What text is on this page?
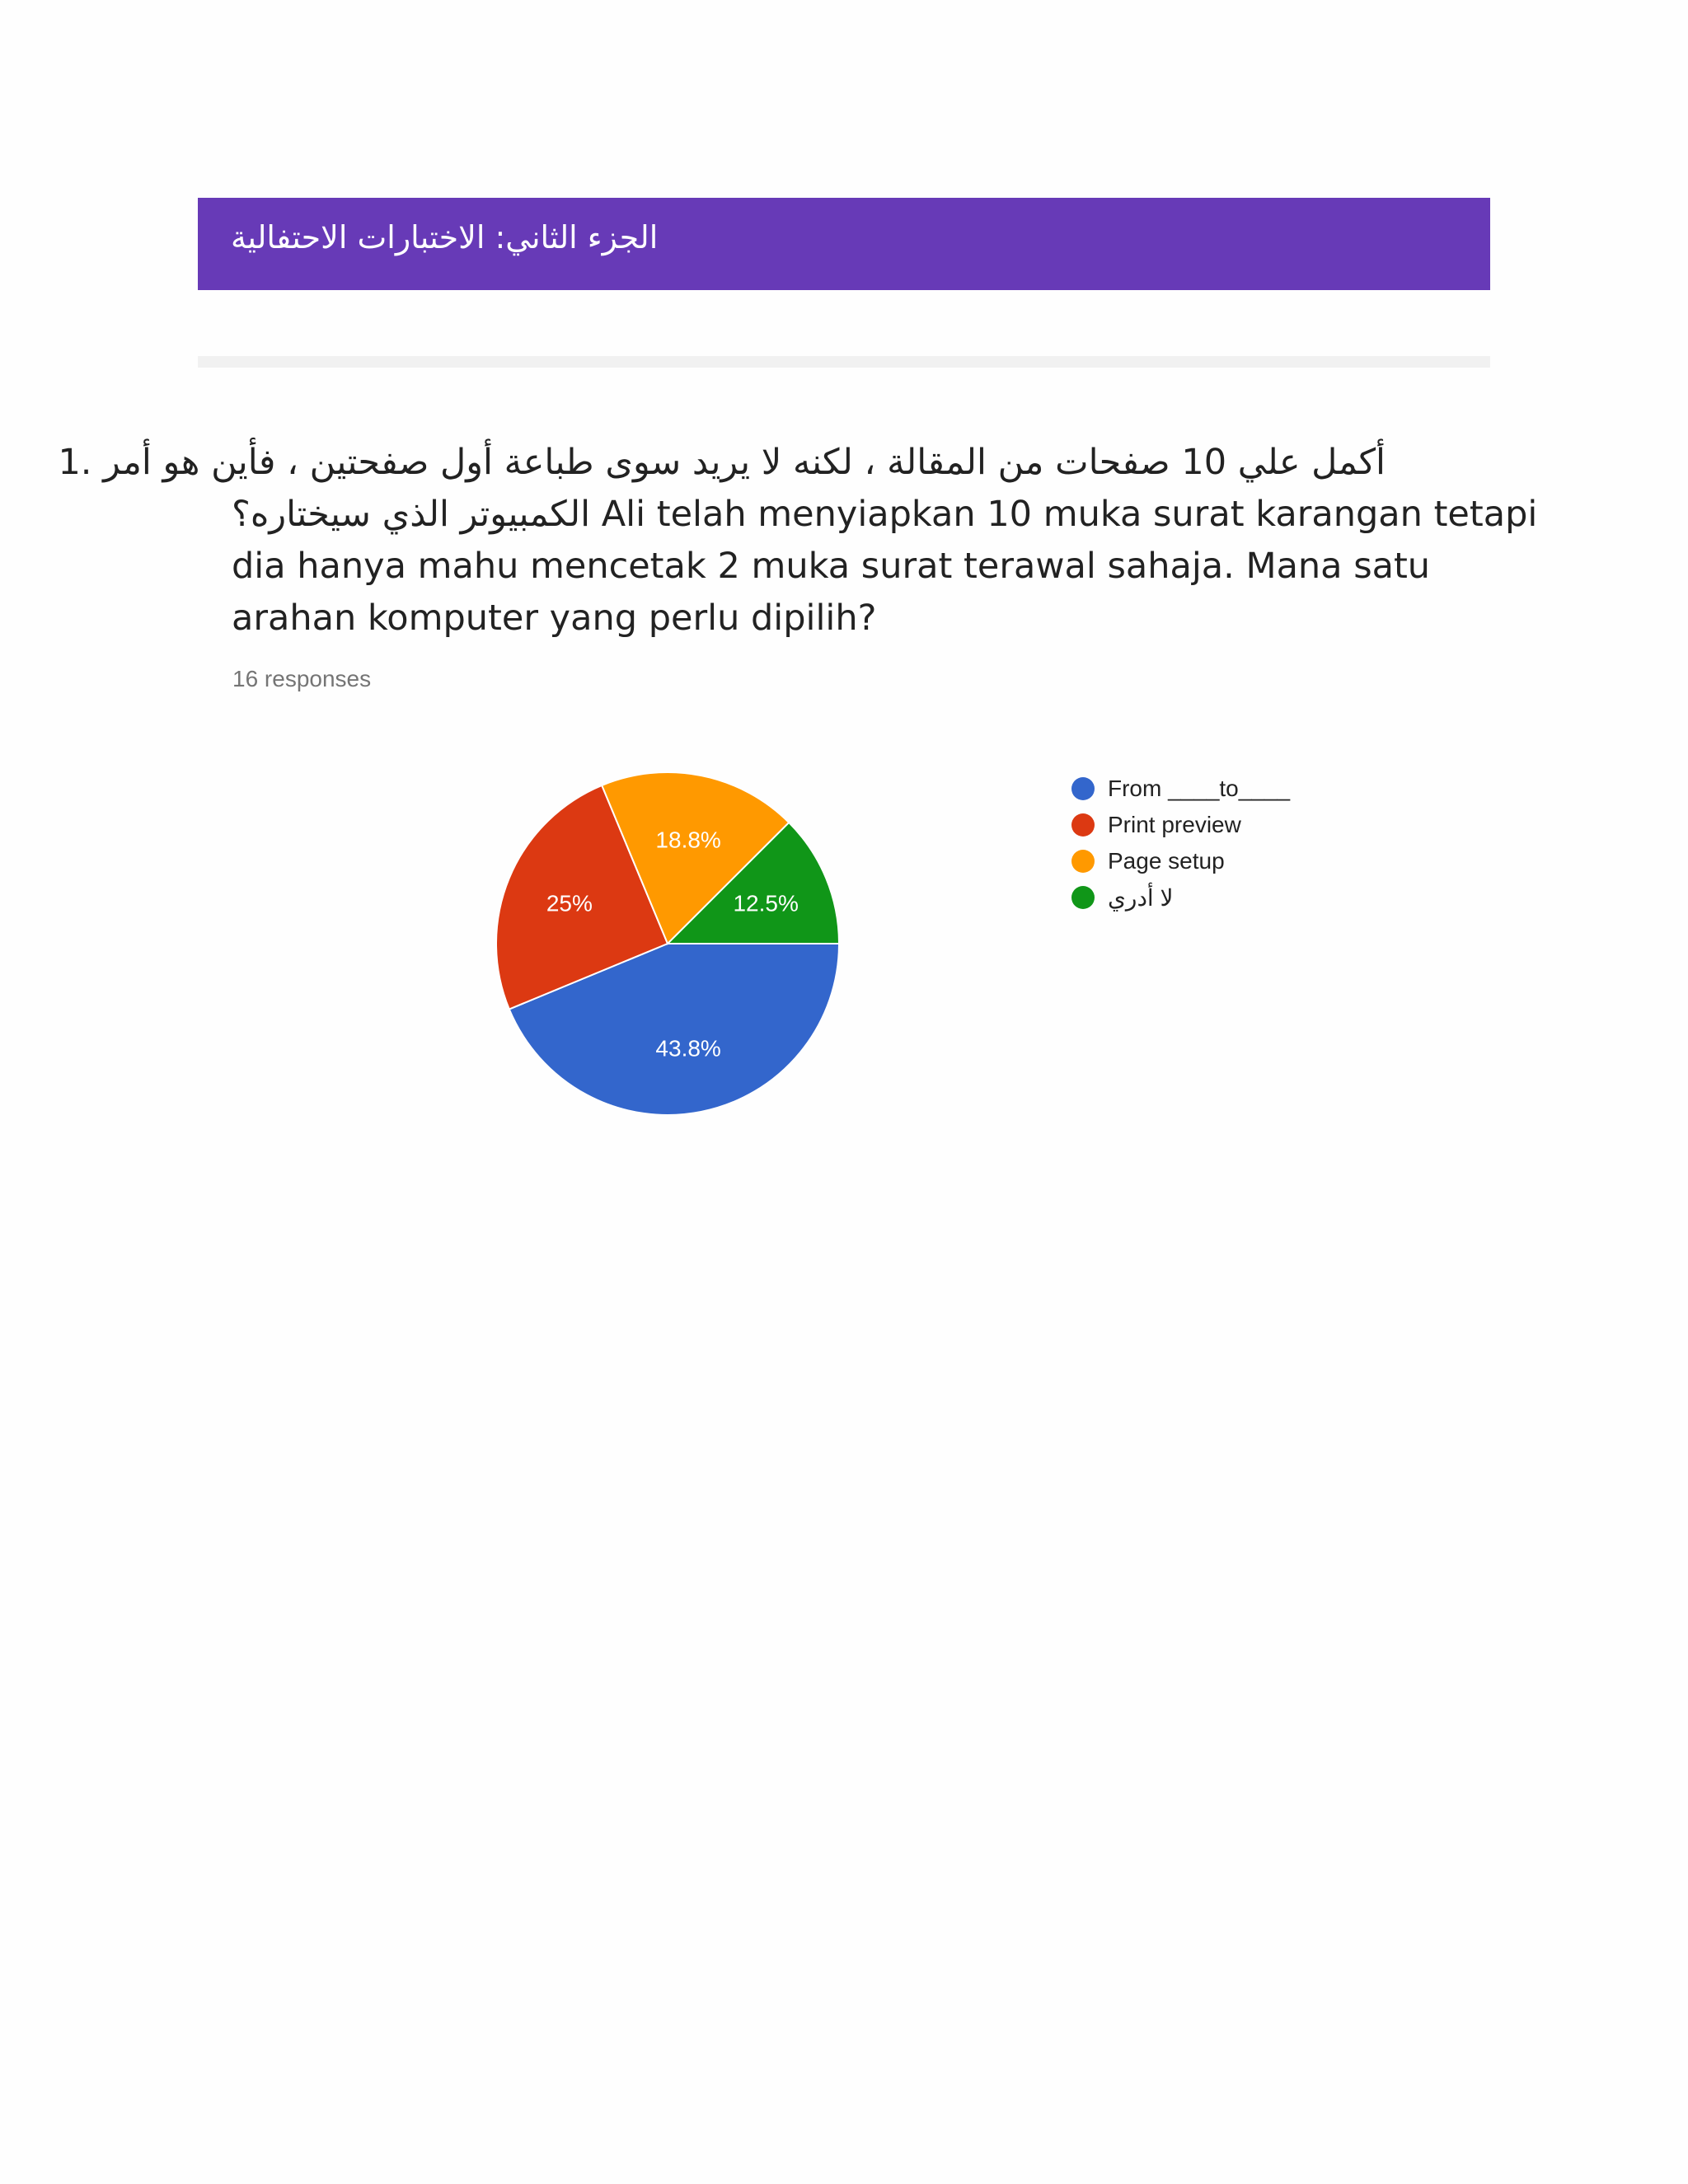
الجزء الثاني: الاختبارات الاحتفالية
أكمل علي 10 صفحات من المقالة ، لكنه لا يريد سوى طباعة أول صفحتين ، فأين هو أمر .1
الكمبيوتر الذي سيختاره؟ Ali telah menyiapkan 10 muka surat karangan tetapi
dia hanya mahu mencetak 2 muka surat terawal sahaja. Mana satu
arahan komputer yang perlu dipilih?
16 responses
43.8%
25%
18.8%
12.5%
From ____to____
Print preview
Page setup
لا أدري
